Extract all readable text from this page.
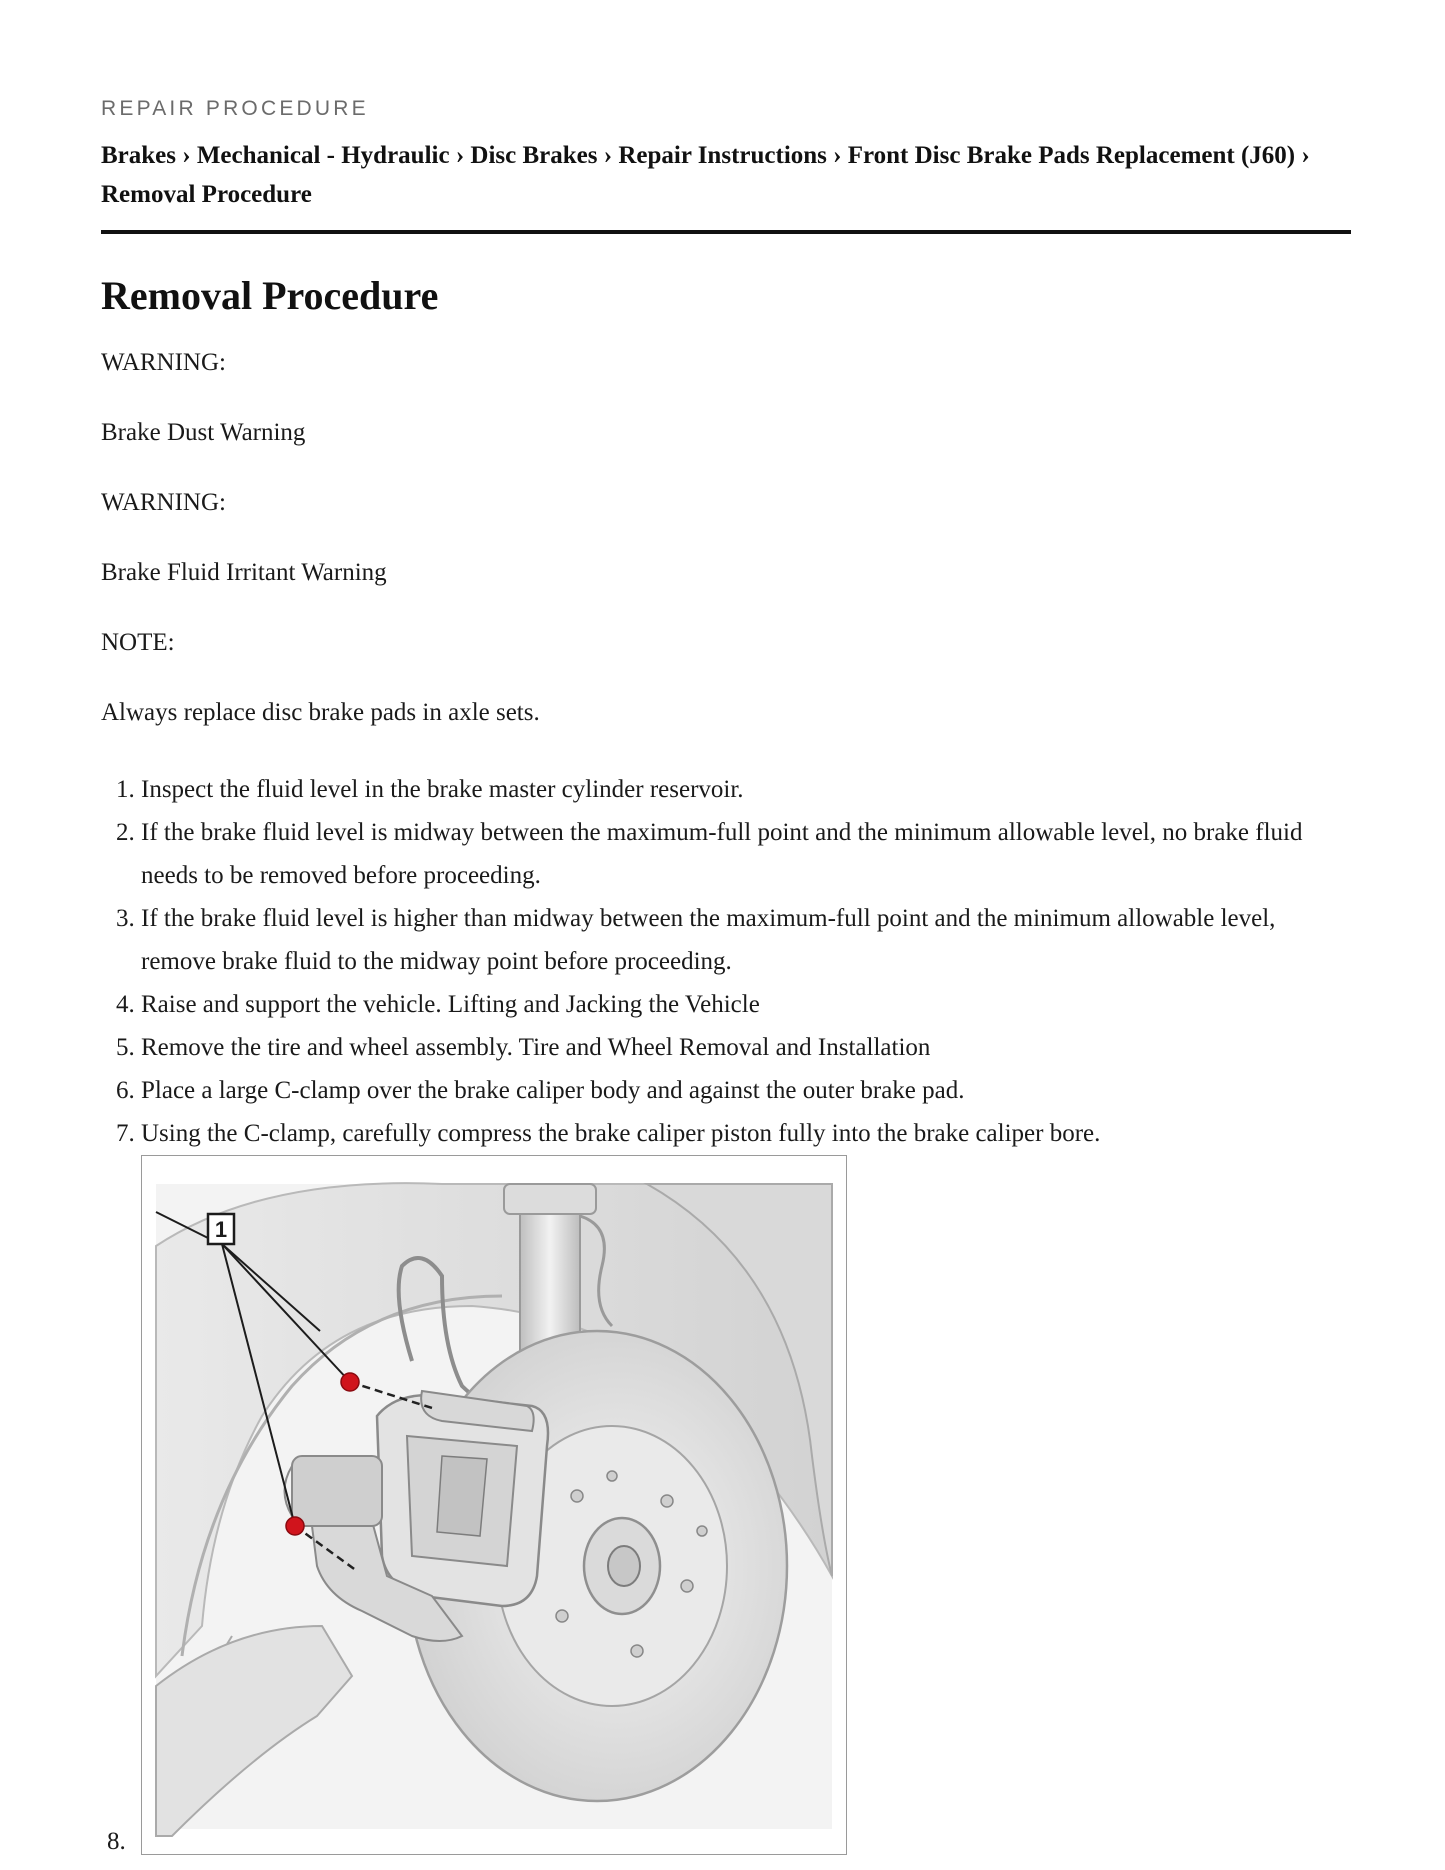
REPAIR PROCEDURE
Brakes › Mechanical - Hydraulic › Disc Brakes › Repair Instructions › Front Disc Brake Pads Replacement (J60) › Removal Procedure
Removal Procedure

WARNING:

Brake Dust Warning

WARNING:

Brake Fluid Irritant Warning

NOTE:

Always replace disc brake pads in axle sets.

1. Inspect the fluid level in the brake master cylinder reservoir.
2. If the brake fluid level is midway between the maximum-full point and the minimum allowable level, no brake fluid needs to be removed before proceeding.
3. If the brake fluid level is higher than midway between the maximum-full point and the minimum allowable level, remove brake fluid to the midway point before proceeding.
4. Raise and support the vehicle. Lifting and Jacking the Vehicle
5. Remove the tire and wheel assembly. Tire and Wheel Removal and Installation
6. Place a large C-clamp over the brake caliper body and against the outer brake pad.
7. Using the C-clamp, carefully compress the brake caliper piston fully into the brake caliper bore.
8.
1
